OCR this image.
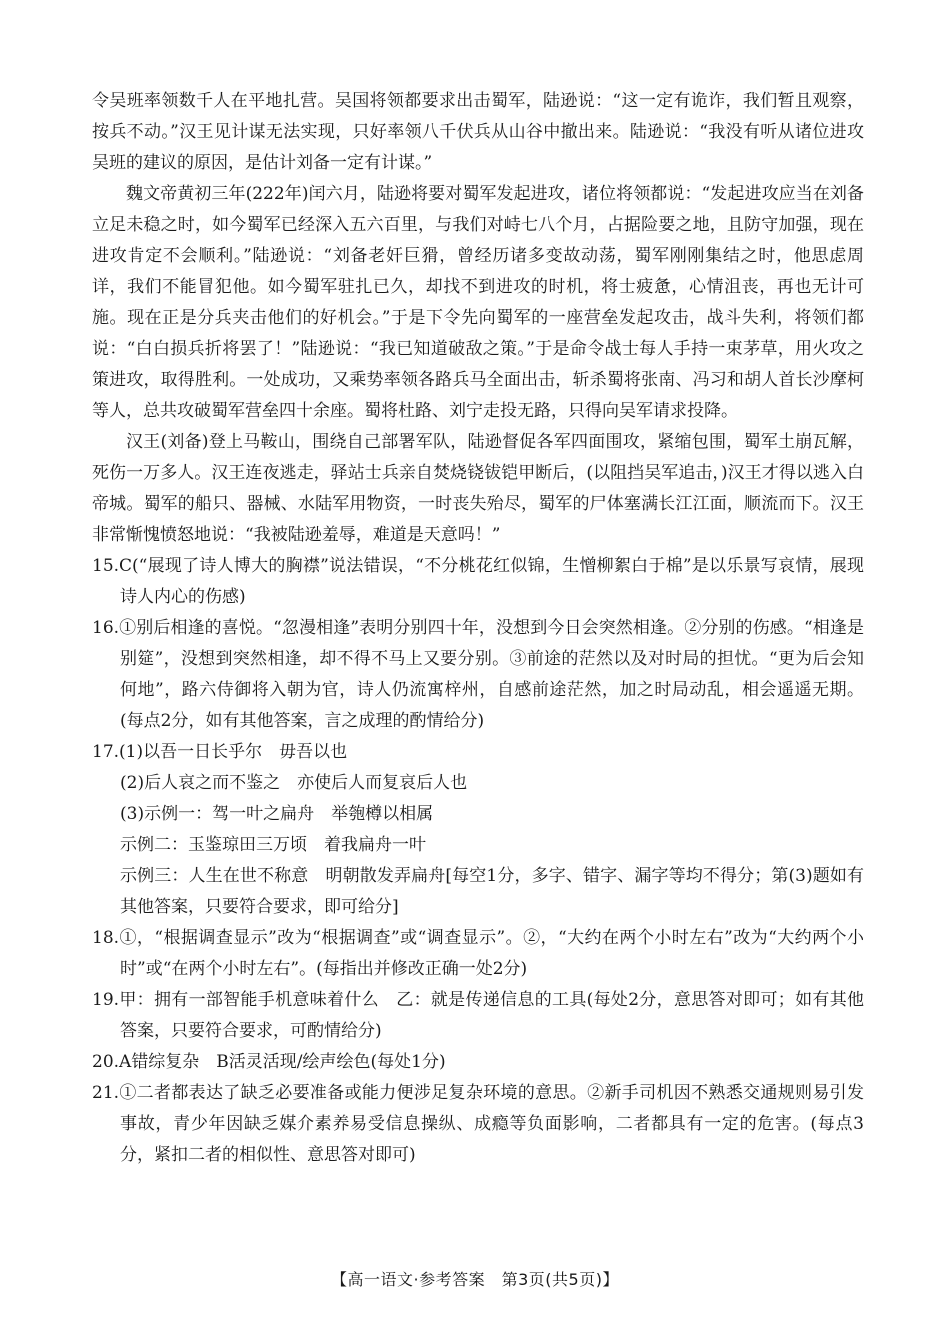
令吴班率领数千人在平地扎营。吴国将领都要求出击蜀军，陆逊说：“这一定有诡诈，我们暂且观察，按兵不动。”汉王见计谋无法实现，只好率领八千伏兵从山谷中撤出来。陆逊说：“我没有听从诸位进攻吴班的建议的原因，是估计刘备一定有计谋。”

魏文帝黄初三年(222年)闰六月，陆逊将要对蜀军发起进攻，诸位将领都说：“发起进攻应当在刘备立足未稳之时，如今蜀军已经深入五六百里，与我们对峙七八个月，占据险要之地，且防守加强，现在进攻肯定不会顺利。”陆逊说：“刘备老奸巨猾，曾经历诸多变故动荡，蜀军刚刚集结之时，他思虑周详，我们不能冒犯他。如今蜀军驻扎已久，却找不到进攻的时机，将士疲惫，心情沮丧，再也无计可施。现在正是分兵夹击他们的好机会。”于是下令先向蜀军的一座营垒发起攻击，战斗失利，将领们都说：“白白损兵折将罢了！”陆逊说：“我已知道破敌之策。”于是命令战士每人手持一束茅草，用火攻之策进攻，取得胜利。一处成功，又乘势率领各路兵马全面出击，斩杀蜀将张南、冯习和胡人首长沙摩柯等人，总共攻破蜀军营垒四十余座。蜀将杜路、刘宁走投无路，只得向吴军请求投降。

汉王(刘备)登上马鞍山，围绕自己部署军队，陆逊督促各军四面围攻，紧缩包围，蜀军土崩瓦解，死伤一万多人。汉王连夜逃走，驿站士兵亲自焚烧铙钹铠甲断后，(以阻挡吴军追击，)汉王才得以逃入白帝城。蜀军的船只、器械、水陆军用物资，一时丧失殆尽，蜀军的尸体塞满长江江面，顺流而下。汉王非常惭愧愤怒地说：“我被陆逊羞辱，难道是天意吗！”

15.C(“展现了诗人博大的胸襟”说法错误，“不分桃花红似锦，生憎柳絮白于棉”是以乐景写哀情，展现诗人内心的伤感)

16.①别后相逢的喜悦。“忽漫相逢”表明分别四十年，没想到今日会突然相逢。②分别的伤感。“相逢是别筵”，没想到突然相逢，却不得不马上又要分别。③前途的茫然以及对时局的担忧。“更为后会知何地”，路六侍御将入朝为官，诗人仍流寓梓州，自感前途茫然，加之时局动乱，相会遥遥无期。(每点2分，如有其他答案，言之成理的酌情给分)

17.(1)以吾一日长乎尔　毋吾以也

(2)后人哀之而不鉴之　亦使后人而复哀后人也

(3)示例一：驾一叶之扁舟　举匏樽以相属

示例二：玉鉴琼田三万顷　着我扁舟一叶

示例三：人生在世不称意　明朝散发弄扁舟[每空1分，多字、错字、漏字等均不得分；第(3)题如有其他答案，只要符合要求，即可给分]

18.①，“根据调查显示”改为“根据调查”或“调查显示”。②，“大约在两个小时左右”改为“大约两个小时”或“在两个小时左右”。(每指出并修改正确一处2分)

19.甲：拥有一部智能手机意味着什么　乙：就是传递信息的工具(每处2分，意思答对即可；如有其他答案，只要符合要求，可酌情给分)

20.A错综复杂　B活灵活现/绘声绘色(每处1分)

21.①二者都表达了缺乏必要准备或能力便涉足复杂环境的意思。②新手司机因不熟悉交通规则易引发事故，青少年因缺乏媒介素养易受信息操纵、成瘾等负面影响，二者都具有一定的危害。(每点3分，紧扣二者的相似性、意思答对即可)

【高一语文·参考答案　第3页(共5页)】
